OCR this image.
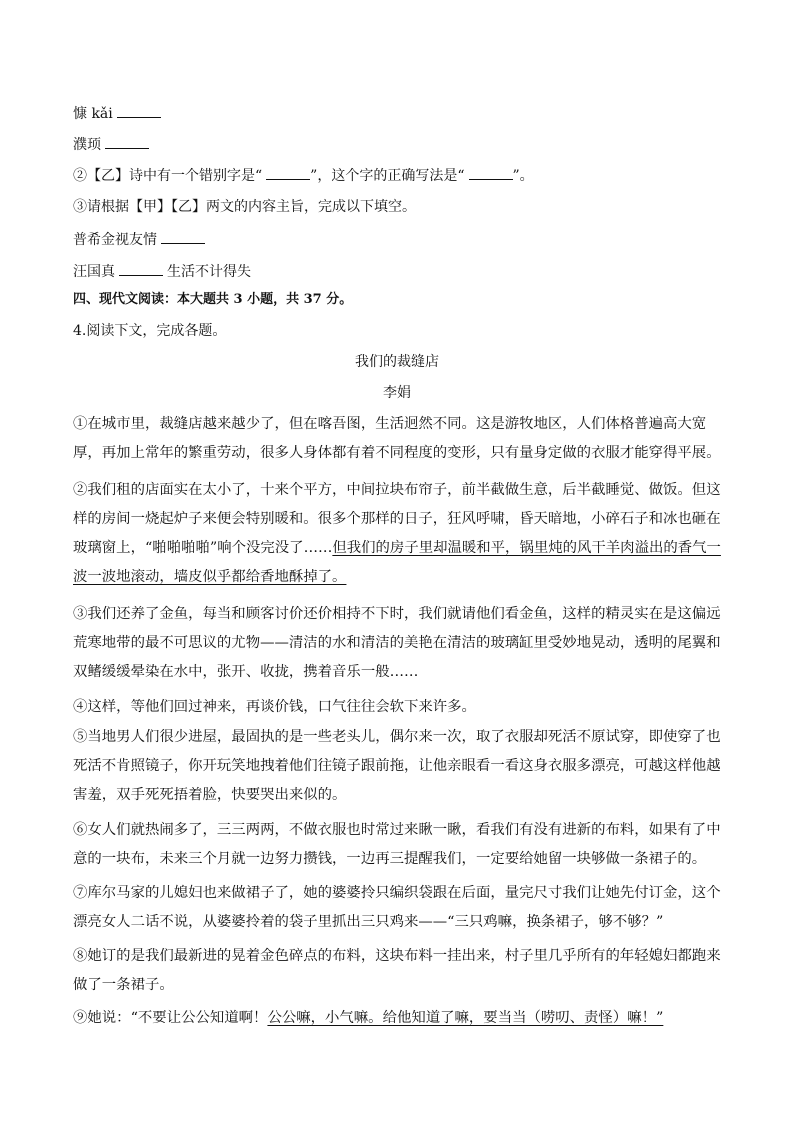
慷 kǎi
濮顼
②【乙】诗中有一个错别字是“	”，这个字的正确写法是“	”。
③请根据【甲】【乙】两文的内容主旨，完成以下填空。
普希金视友情
汪国真	生活不计得失
四、现代文阅读：本大题共 3 小题，共 37 分。
4.阅读下文，完成各题。
我们的裁缝店
李娟
①在城市里，裁缝店越来越少了，但在喀吾图，生活迥然不同。这是游牧地区，人们体格普遍高大宽厚，再加上常年的繁重劳动，很多人身体都有着不同程度的变形，只有量身定做的衣服才能穿得平展。
②我们租的店面实在太小了，十来个平方，中间拉块布帘子，前半截做生意，后半截睡觉、做饭。但这样的房间一烧起炉子来便会特别暖和。很多个那样的日子，狂风呼啸，昏天暗地，小碎石子和冰也砸在玻璃窗上，“啪啪啪啪”响个没完没了……但我们的房子里却温暖和平，锅里炖的风干羊肉溢出的香气一波一波地滚动，墙皮似乎都给香地酥掉了。
③我们还养了金鱼，每当和顾客讨价还价相持不下时，我们就请他们看金鱼，这样的精灵实在是这偏远荒寒地带的最不可思议的尤物——清洁的水和清洁的美艳在清洁的玻璃缸里受妙地晃动，透明的尾翼和双鳍缓缓晕染在水中，张开、收拢，携着音乐一般……
④这样，等他们回过神来，再谈价钱，口气往往会软下来许多。
⑤当地男人们很少进屋，最固执的是一些老头儿，偶尔来一次，取了衣服却死活不原试穿，即使穿了也死活不肯照镜子，你开玩笑地拽着他们往镜子跟前拖，让他亲眼看一看这身衣服多漂亮，可越这样他越害羞，双手死死捂着脸，快要哭出来似的。
⑥女人们就热闹多了，三三两两，不做衣服也时常过来瞅一瞅，看我们有没有进新的布料，如果有了中意的一块布，未来三个月就一边努力攒钱，一边再三提醒我们，一定要给她留一块够做一条裙子的。
⑦库尔马家的儿媳妇也来做裙子了，她的婆婆拎只编织袋跟在后面，量完尺寸我们让她先付订金，这个漂亮女人二话不说，从婆婆拎着的袋子里抓出三只鸡来——“三只鸡嘛，换条裙子，够不够？”
⑧她订的是我们最新进的晃着金色碎点的布料，这块布料一挂出来，村子里几乎所有的年轻媳妇都跑来做了一条裙子。
⑨她说：“不要让公公知道啊！公公嘛，小气嘛。给他知道了嘛，要当当（唠叨、责怪）嘛！”
